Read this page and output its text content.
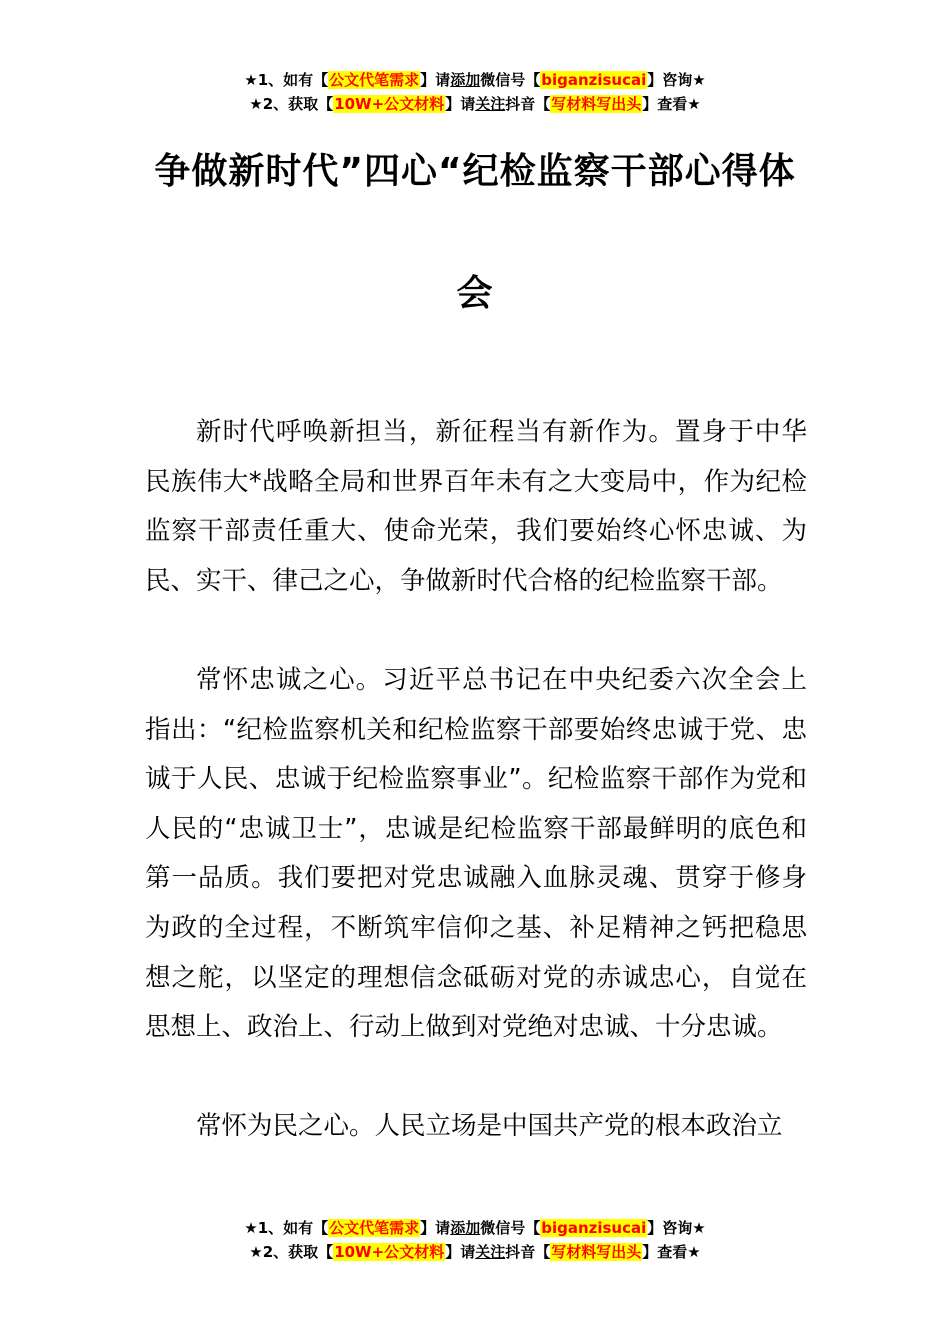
★1、如有【公文代笔需求】请添加微信号【biganzisucai】咨询★
★2、获取【10W+公文材料】请关注抖音【写材料写出头】查看★
争做新时代”四心“纪检监察干部心得体
会

新时代呼唤新担当，新征程当有新作为。置身于中华民族伟大*战略全局和世界百年未有之大变局中，作为纪检监察干部责任重大、使命光荣，我们要始终心怀忠诚、为民、实干、律己之心，争做新时代合格的纪检监察干部。

常怀忠诚之心。习近平总书记在中央纪委六次全会上指出：“纪检监察机关和纪检监察干部要始终忠诚于党、忠诚于人民、忠诚于纪检监察事业”。纪检监察干部作为党和人民的“忠诚卫士”，忠诚是纪检监察干部最鲜明的底色和第一品质。我们要把对党忠诚融入血脉灵魂、贯穿于修身为政的全过程，不断筑牢信仰之基、补足精神之钙把稳思想之舵，以坚定的理想信念砥砺对党的赤诚忠心，自觉在思想上、政治上、行动上做到对党绝对忠诚、十分忠诚。

常怀为民之心。人民立场是中国共产党的根本政治立

★1、如有【公文代笔需求】请添加微信号【biganzisucai】咨询★
★2、获取【10W+公文材料】请关注抖音【写材料写出头】查看★
